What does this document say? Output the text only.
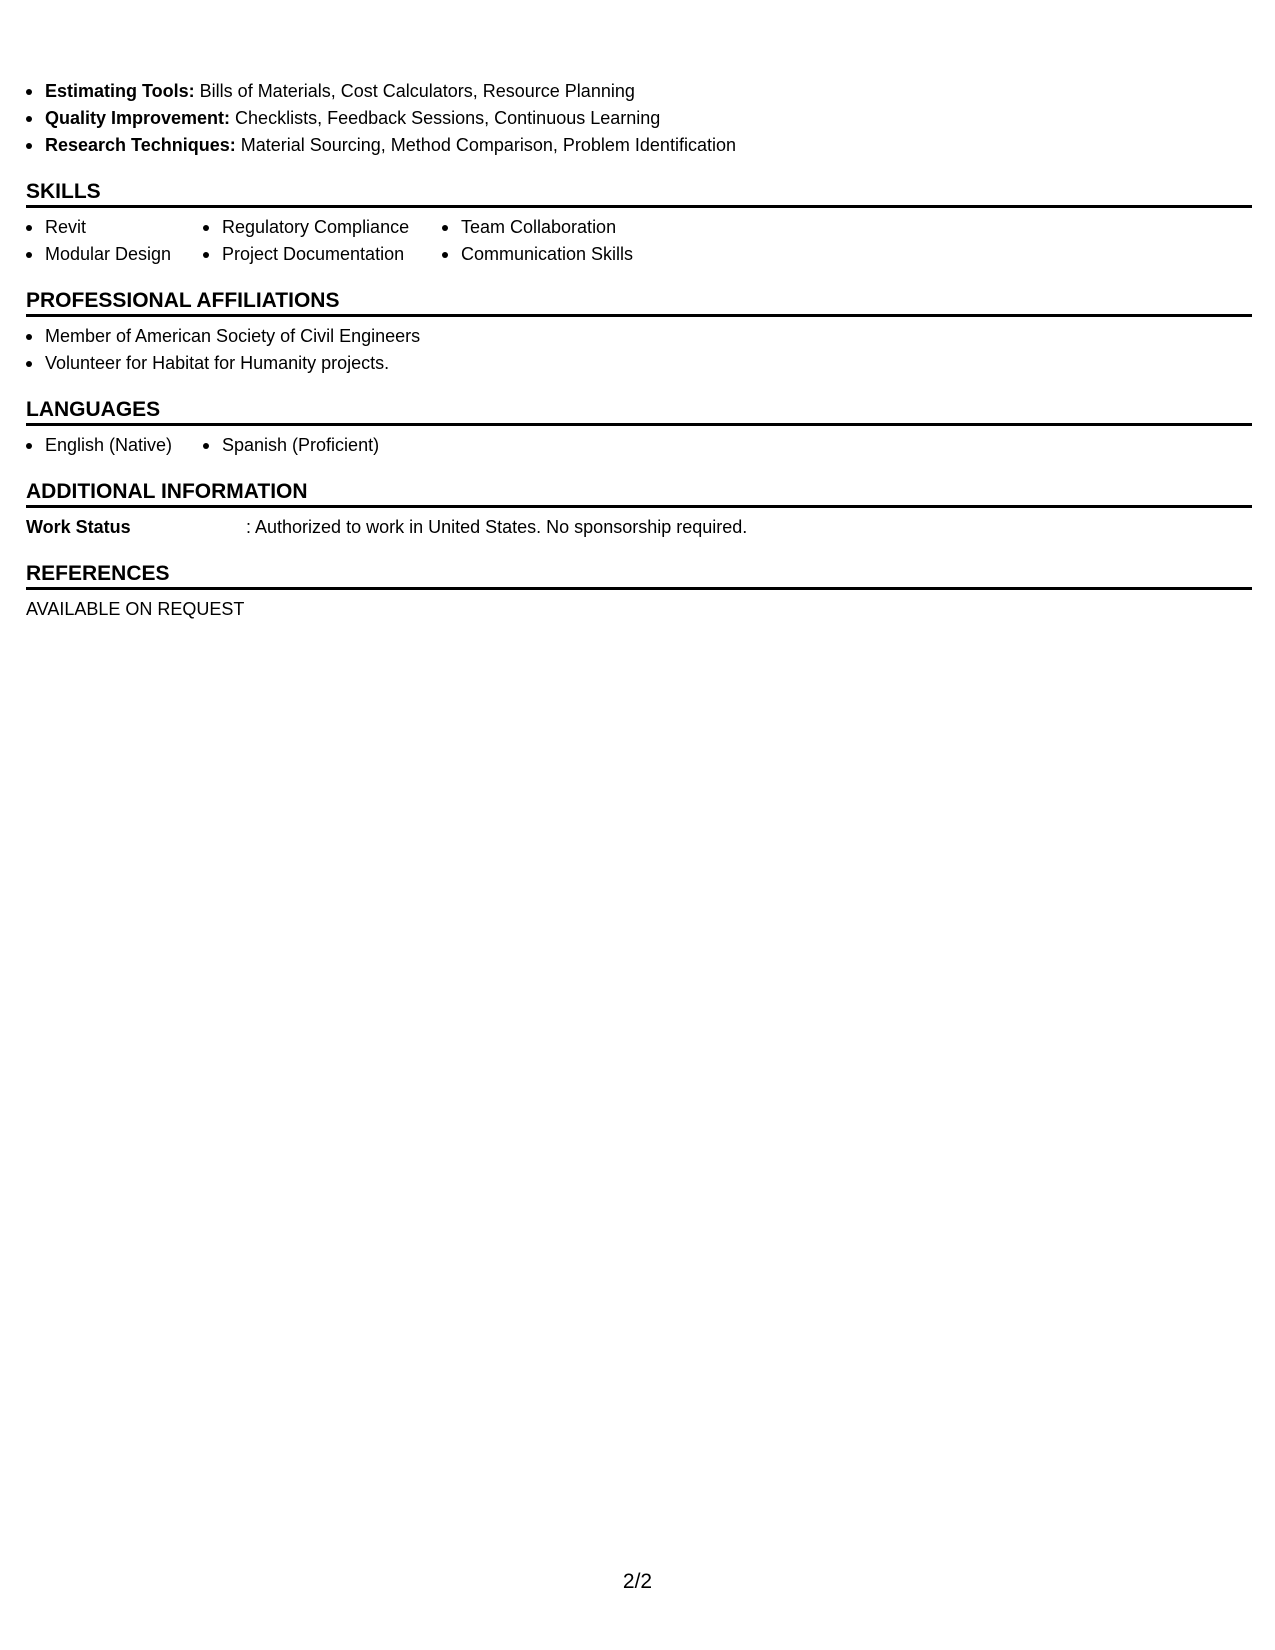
Estimating Tools: Bills of Materials, Cost Calculators, Resource Planning
Quality Improvement: Checklists, Feedback Sessions, Continuous Learning
Research Techniques: Material Sourcing, Method Comparison, Problem Identification
SKILLS
Revit
Modular Design
Regulatory Compliance
Project Documentation
Team Collaboration
Communication Skills
PROFESSIONAL AFFILIATIONS
Member of American Society of Civil Engineers
Volunteer for Habitat for Humanity projects.
LANGUAGES
English (Native)	Spanish (Proficient)
ADDITIONAL INFORMATION
Work Status	: Authorized to work in United States. No sponsorship required.
REFERENCES
AVAILABLE ON REQUEST
2/2
